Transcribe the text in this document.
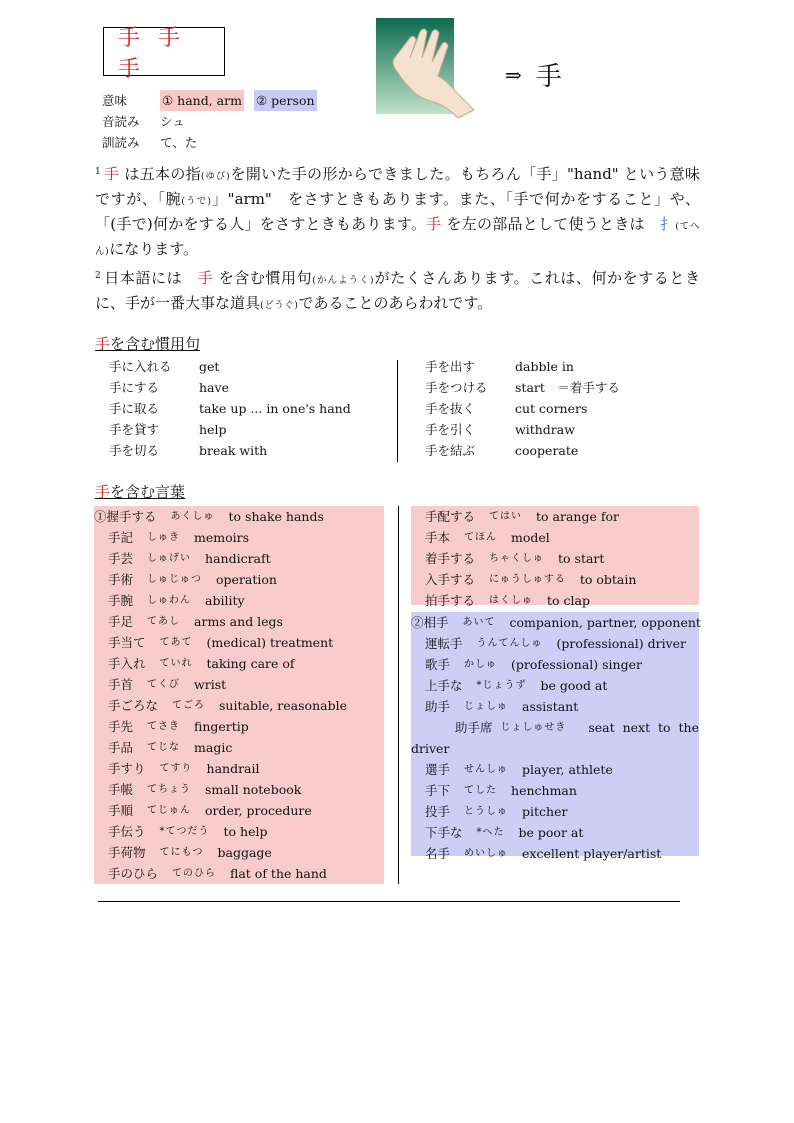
手手手
意味	① hand, arm ② person
音読み	シュ
訓読み	て、た
⇒ 手
$^1$ 手 は五本の指(ゆび)を開いた手の形からできました。もちろん「手」"hand" という意味ですが、「腕(うで)」"arm"　をさすときもあります。また、「手で何かをすること」や、「(手で)何かをする人」をさすときもあります。手 を左の部品として使うときは　扌(てへん)になります。
$^2$ 日本語には　手 を含む慣用句(かんようく)がたくさんあります。これは、何かをするときに、手が一番大事な道具(どうぐ)であることのあらわれです。
手を含む慣用句
手に入れる	get
手にする	have
手に取る	take up ... in one's hand
手を貸す	help
手を切る	break with
手を出す	dabble in
手をつける	start　＝着手する
手を抜く	cut corners
手を引く	withdraw
手を結ぶ	cooperate
手を含む言葉
①握手する あくしゅ to shake hands
手記 しゅき memoirs
手芸 しゅげい handicraft
手術 しゅじゅつ operation
手腕 しゅわん ability
手足 てあし arms and legs
手当て てあて (medical) treatment
手入れ ていれ taking care of
手首 てくび wrist
手ごろな てごろ suitable, reasonable
手先 てさき fingertip
手品 てじな magic
手すり てすり handrail
手帳 てちょう small notebook
手順 てじゅん order, procedure
手伝う *てつだう to help
手荷物 てにもつ baggage
手のひら てのひら flat of the hand
手配する てはい to arange for
手本 てほん model
着手する ちゃくしゅ to start
入手する にゅうしゅする to obtain
拍手する はくしゅ to clap
②相手 あいて companion, partner, opponent
運転手 うんてんしゅ (professional) driver
歌手 かしゅ (professional) singer
上手な *じょうず be good at
助手 じょしゅ assistant
助手席 じょしゅせき seat next to the
driver
選手 せんしゅ player, athlete
手下 てした henchman
投手 とうしゅ pitcher
下手な *へた be poor at
名手 めいしゅ excellent player/artist
